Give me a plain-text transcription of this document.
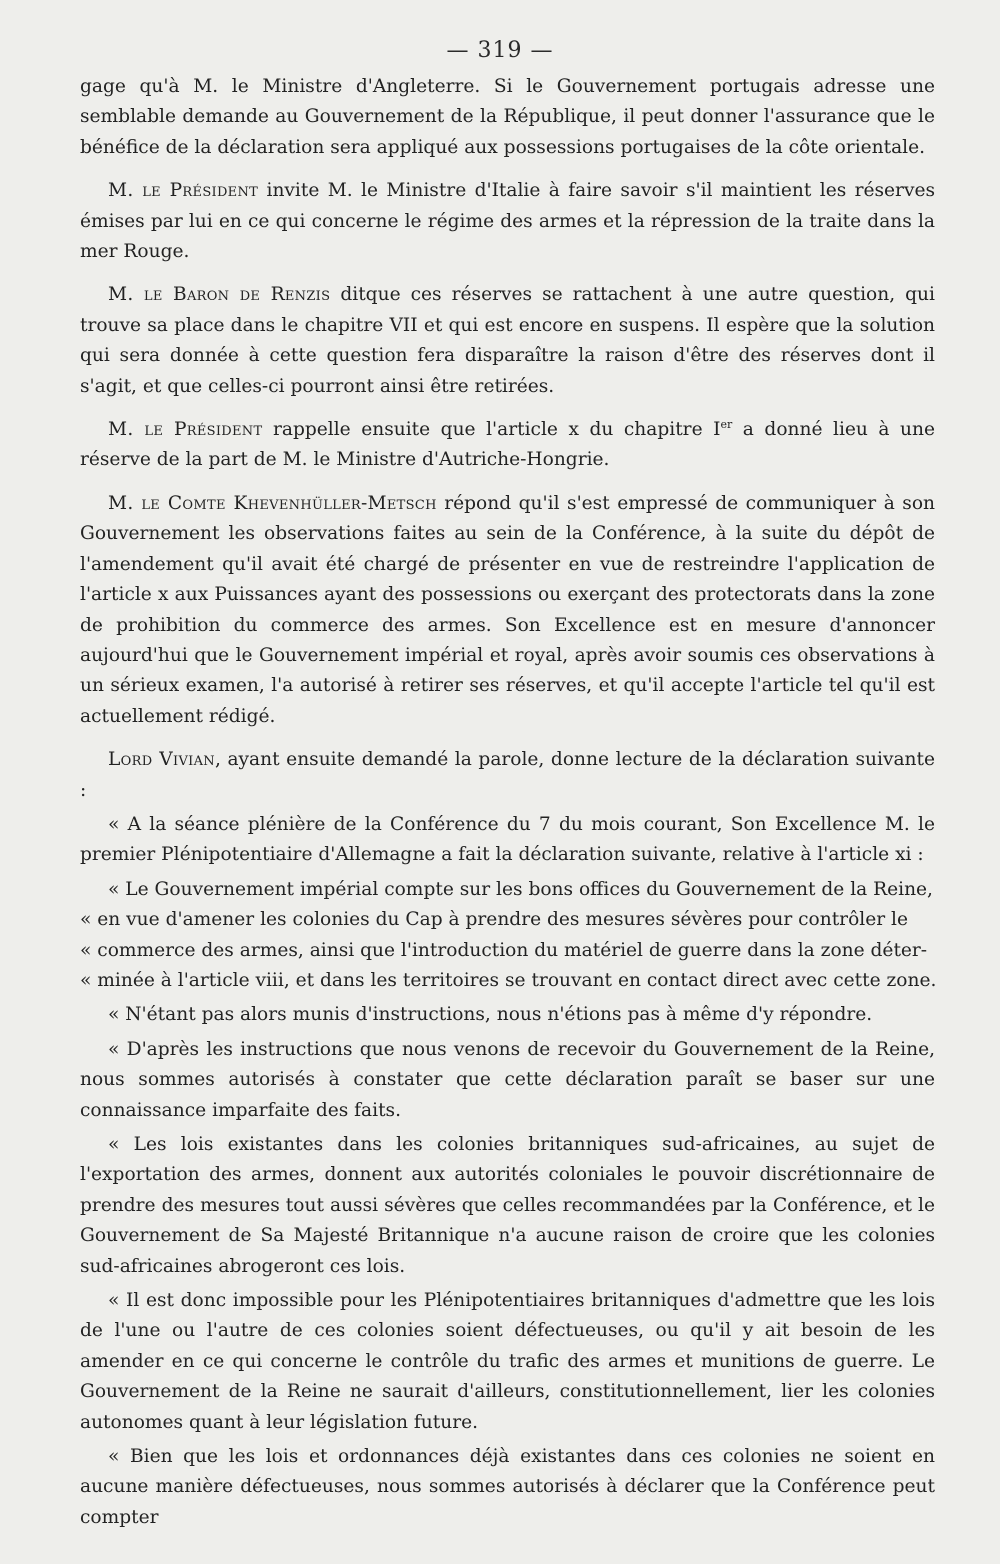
— 319 —

gage qu'à M. le Ministre d'Angleterre. Si le Gouvernement portugais adresse une semblable demande au Gouvernement de la République, il peut donner l'assurance que le bénéfice de la déclaration sera appliqué aux possessions portugaises de la côte orientale.

M. le Président invite M. le Ministre d'Italie à faire savoir s'il maintient les réserves émises par lui en ce qui concerne le régime des armes et la répression de la traite dans la mer Rouge.

M. le Baron de Renzis ditque ces réserves se rattachent à une autre question, qui trouve sa place dans le chapitre VII et qui est encore en suspens. Il espère que la solution qui sera donnée à cette question fera disparaître la raison d'être des réserves dont il s'agit, et que celles-ci pourront ainsi être retirées.

M. le Président rappelle ensuite que l'article x du chapitre Ier a donné lieu à une réserve de la part de M. le Ministre d'Autriche-Hongrie.

M. le Comte Khevenhüller-Metsch répond qu'il s'est empressé de communiquer à son Gouvernement les observations faites au sein de la Conférence, à la suite du dépôt de l'amendement qu'il avait été chargé de présenter en vue de restreindre l'application de l'article x aux Puissances ayant des possessions ou exerçant des protectorats dans la zone de prohibition du commerce des armes. Son Excellence est en mesure d'annoncer aujourd'hui que le Gouvernement impérial et royal, après avoir soumis ces observations à un sérieux examen, l'a autorisé à retirer ses réserves, et qu'il accepte l'article tel qu'il est actuellement rédigé.

Lord Vivian, ayant ensuite demandé la parole, donne lecture de la déclaration suivante :

« A la séance plénière de la Conférence du 7 du mois courant, Son Excellence M. le premier Plénipotentiaire d'Allemagne a fait la déclaration suivante, relative à l'article xi :

« Le Gouvernement impérial compte sur les bons offices du Gouvernement de la Reine,
« en vue d'amener les colonies du Cap à prendre des mesures sévères pour contrôler le
« commerce des armes, ainsi que l'introduction du matériel de guerre dans la zone déter-
« minée à l'article viii, et dans les territoires se trouvant en contact direct avec cette zone.

« N'étant pas alors munis d'instructions, nous n'étions pas à même d'y répondre.

« D'après les instructions que nous venons de recevoir du Gouvernement de la Reine, nous sommes autorisés à constater que cette déclaration paraît se baser sur une connaissance imparfaite des faits.

« Les lois existantes dans les colonies britanniques sud-africaines, au sujet de l'exportation des armes, donnent aux autorités coloniales le pouvoir discrétionnaire de prendre des mesures tout aussi sévères que celles recommandées par la Conférence, et le Gouvernement de Sa Majesté Britannique n'a aucune raison de croire que les colonies sud-africaines abrogeront ces lois.

« Il est donc impossible pour les Plénipotentiaires britanniques d'admettre que les lois de l'une ou l'autre de ces colonies soient défectueuses, ou qu'il y ait besoin de les amender en ce qui concerne le contrôle du trafic des armes et munitions de guerre. Le Gouvernement de la Reine ne saurait d'ailleurs, constitutionnellement, lier les colonies autonomes quant à leur législation future.

« Bien que les lois et ordonnances déjà existantes dans ces colonies ne soient en aucune manière défectueuses, nous sommes autorisés à déclarer que la Conférence peut compter
